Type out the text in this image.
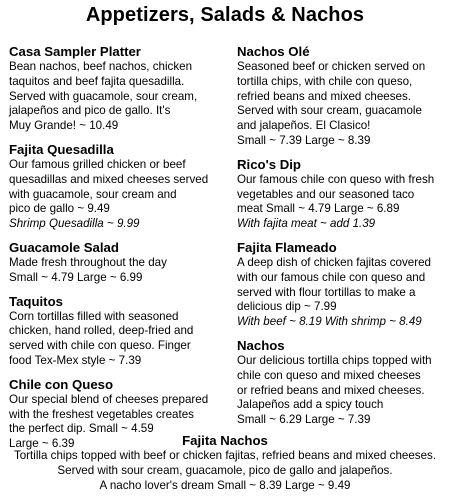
Appetizers, Salads & Nachos
Casa Sampler Platter
Bean nachos, beef nachos, chicken
taquitos and beef fajita quesadilla.
Served with guacamole, sour cream,
jalapeños and pico de gallo. It's
Muy Grande! ~ 10.49
Fajita Quesadilla
Our famous grilled chicken or beef
quesadillas and mixed cheeses served
with guacamole, sour cream and
pico de gallo ~ 9.49
Shrimp Quesadilla ~ 9.99
Guacamole Salad
Made fresh throughout the day
Small ~ 4.79 Large ~ 6.99
Taquitos
Corn tortillas filled with seasoned
chicken, hand rolled, deep-fried and
served with chile con queso. Finger
food Tex-Mex style ~ 7.39
Chile con Queso
Our special blend of cheeses prepared
with the freshest vegetables creates
the perfect dip. Small ~ 4.59
Large ~ 6.39
Nachos Olé
Seasoned beef or chicken served on
tortilla chips, with chile con queso,
refried beans and mixed cheeses.
Served with sour cream, guacamole
and jalapeños. El Clasico!
Small ~ 7.39 Large ~ 8.39
Rico's Dip
Our famous chile con queso with fresh
vegetables and our seasoned taco
meat Small ~ 4.79 Large ~ 6.89
With fajita meat ~ add 1.39
Fajita Flameado
A deep dish of chicken fajitas covered
with our famous chile con queso and
served with flour tortillas to make a
delicious dip ~ 7.99
With beef ~ 8.19 With shrimp ~ 8.49
Nachos
Our delicious tortilla chips topped with
chile con queso and mixed cheeses
or refried beans and mixed cheeses.
Jalapeños add a spicy touch
Small ~ 6.29 Large ~ 7.39
Fajita Nachos
Tortilla chips topped with beef or chicken fajitas, refried beans and mixed cheeses.
Served with sour cream, guacamole, pico de gallo and jalapeños.
A nacho lover's dream Small ~ 8.39 Large ~ 9.49
